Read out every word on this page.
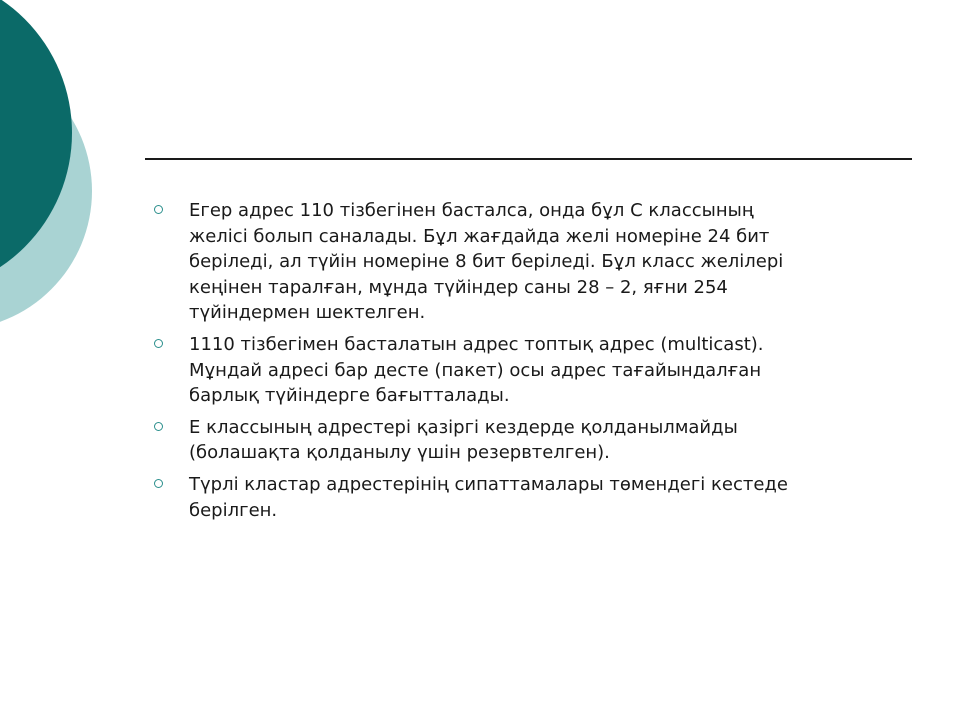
Егер адрес 110 тізбегінен басталса, онда бұл С классының
желісі болып саналады. Бұл жағдайда желі номеріне 24 бит
беріледі, ал түйін номеріне 8 бит беріледі. Бұл класс желілері
кеңінен таралған, мұнда түйіндер саны 28 – 2, яғни 254
түйіндермен шектелген.
1110 тізбегімен басталатын адрес топтық адрес (multicast).
Мұндай адресі бар десте (пакет) осы адрес тағайындалған
барлық түйіндерге бағытталады.
Е классының адрестері қазіргі кездерде қолданылмайды
(болашақта қолданылу үшін резервтелген).
Түрлі кластар адрестерінің сипаттамалары төмендегі кестеде
берілген.
